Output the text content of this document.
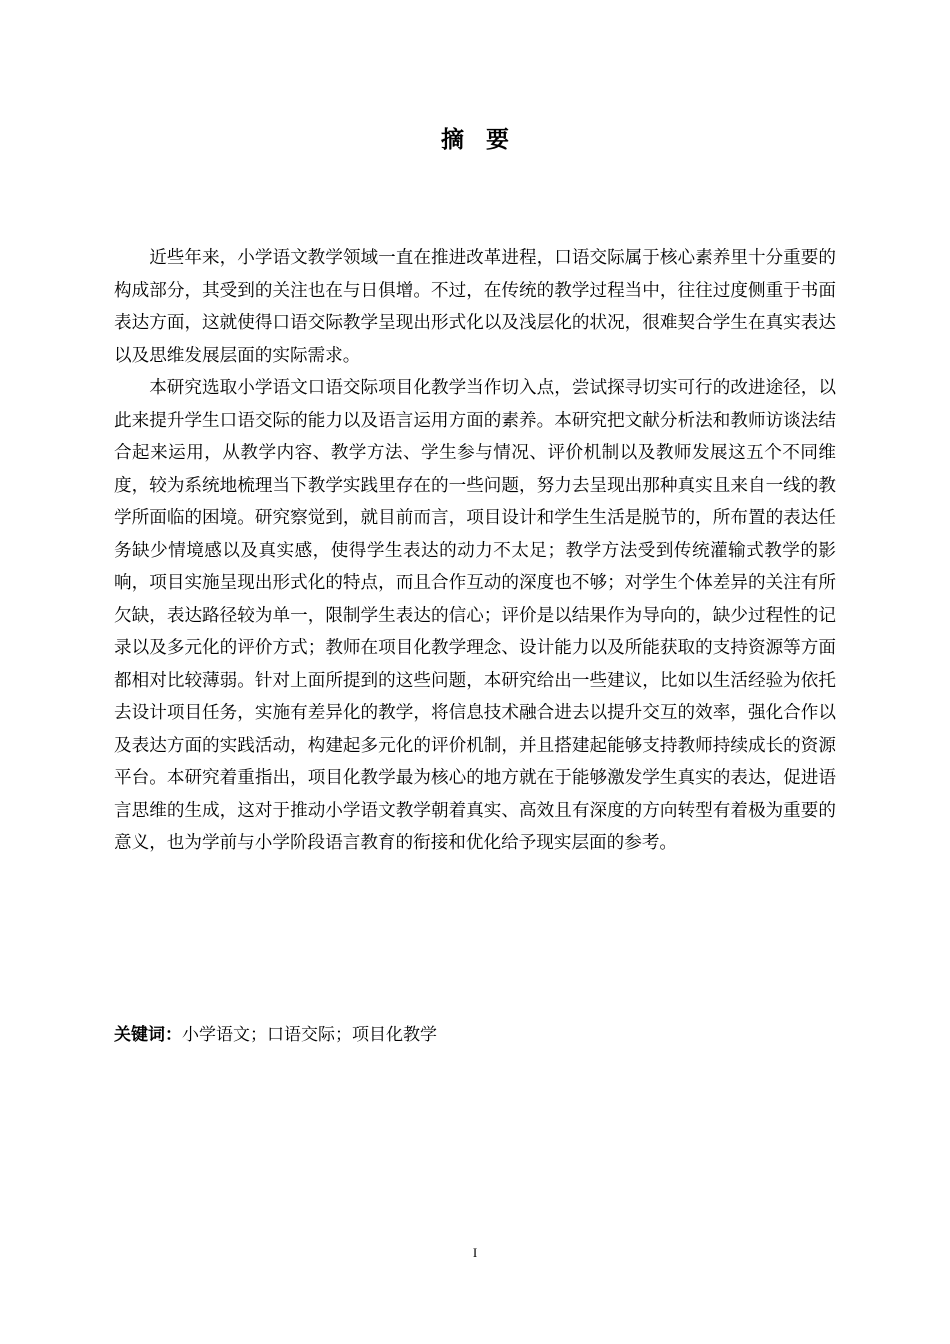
摘要

近些年来，小学语文教学领域一直在推进改革进程，口语交际属于核心素养里十分重要的构成部分，其受到的关注也在与日俱增。不过，在传统的教学过程当中，往往过度侧重于书面表达方面，这就使得口语交际教学呈现出形式化以及浅层化的状况，很难契合学生在真实表达以及思维发展层面的实际需求。

本研究选取小学语文口语交际项目化教学当作切入点，尝试探寻切实可行的改进途径，以此来提升学生口语交际的能力以及语言运用方面的素养。本研究把文献分析法和教师访谈法结合起来运用，从教学内容、教学方法、学生参与情况、评价机制以及教师发展这五个不同维度，较为系统地梳理当下教学实践里存在的一些问题，努力去呈现出那种真实且来自一线的教学所面临的困境。研究察觉到，就目前而言，项目设计和学生生活是脱节的，所布置的表达任务缺少情境感以及真实感，使得学生表达的动力不太足；教学方法受到传统灌输式教学的影响，项目实施呈现出形式化的特点，而且合作互动的深度也不够；对学生个体差异的关注有所欠缺，表达路径较为单一，限制学生表达的信心；评价是以结果作为导向的，缺少过程性的记录以及多元化的评价方式；教师在项目化教学理念、设计能力以及所能获取的支持资源等方面都相对比较薄弱。针对上面所提到的这些问题，本研究给出一些建议，比如以生活经验为依托去设计项目任务，实施有差异化的教学，将信息技术融合进去以提升交互的效率，强化合作以及表达方面的实践活动，构建起多元化的评价机制，并且搭建起能够支持教师持续成长的资源平台。本研究着重指出，项目化教学最为核心的地方就在于能够激发学生真实的表达，促进语言思维的生成，这对于推动小学语文教学朝着真实、高效且有深度的方向转型有着极为重要的意义，也为学前与小学阶段语言教育的衔接和优化给予现实层面的参考。

关键词：小学语文；口语交际；项目化教学
I
